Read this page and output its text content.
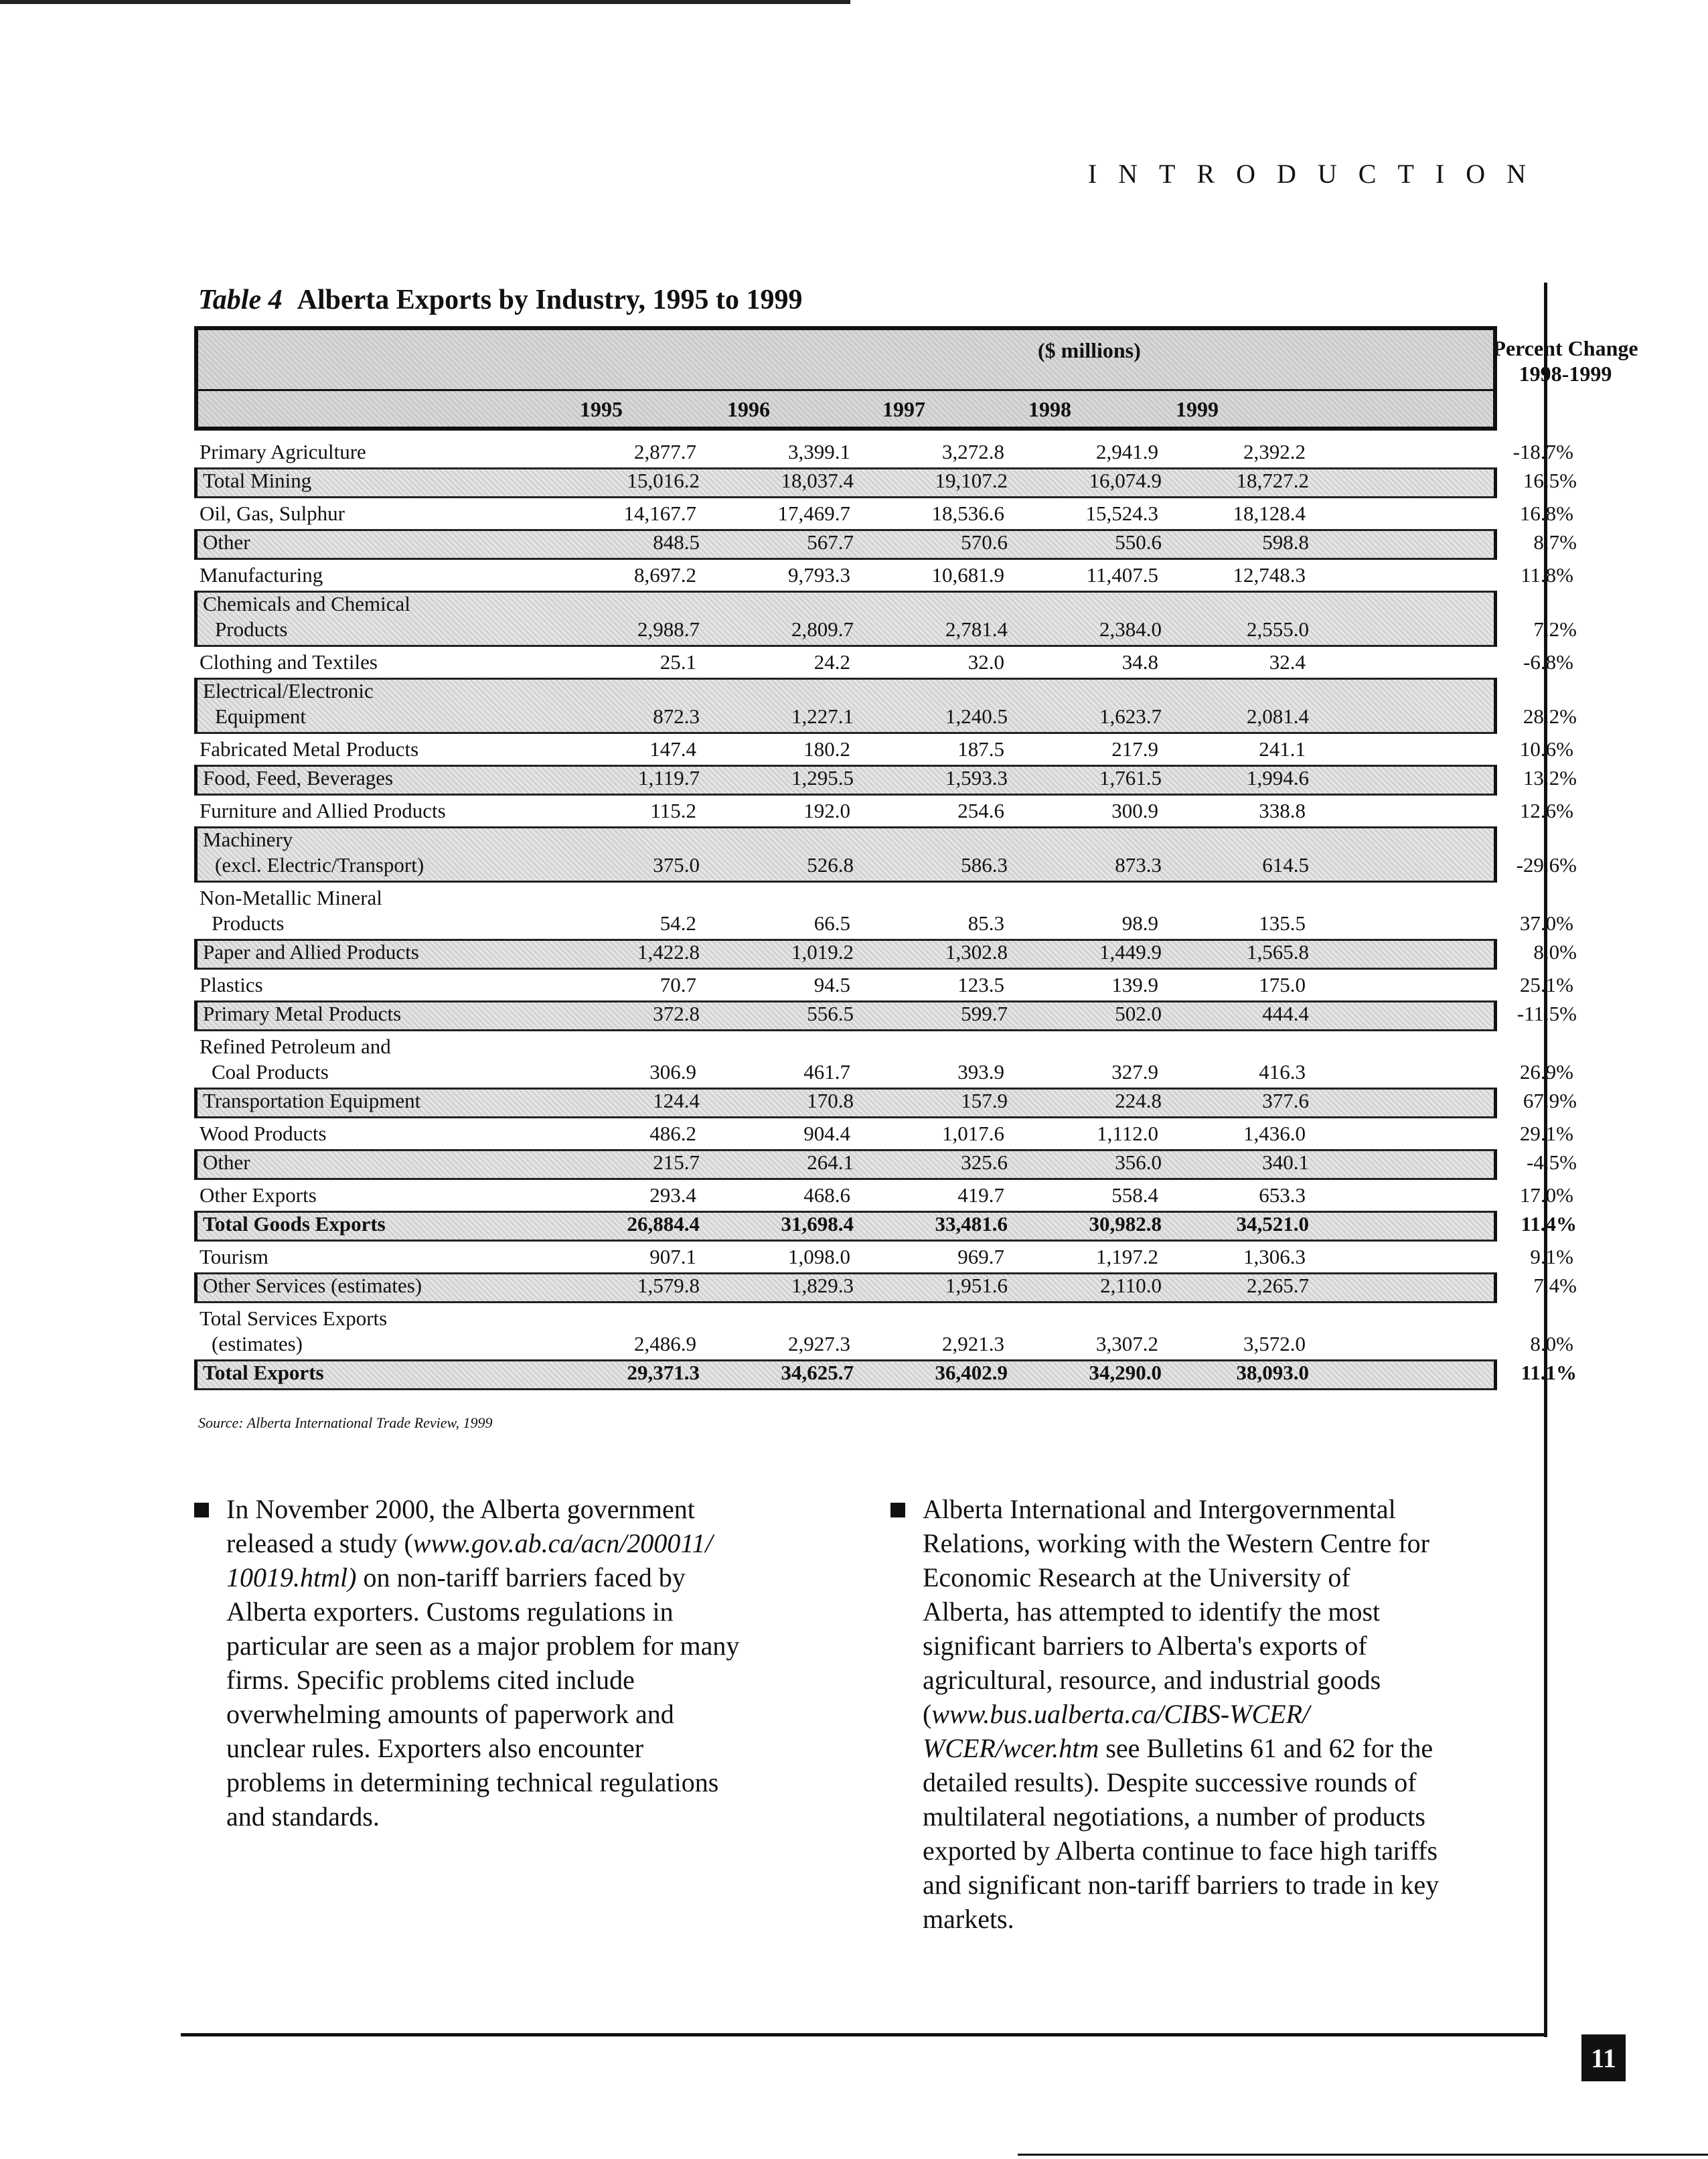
INTRODUCTION
11
Table 4 Alberta Exports by Industry, 1995 to 1999
($ millions)	Percent Change
1998-1999
1995	1996	1997	1998	1999
Primary Agriculture	2,877.7	3,399.1	3,272.8	2,941.9	2,392.2	-18.7%
Total Mining	15,016.2	18,037.4	19,107.2	16,074.9	18,727.2	16.5%
Oil, Gas, Sulphur	14,167.7	17,469.7	18,536.6	15,524.3	18,128.4	16.8%
Other	848.5	567.7	570.6	550.6	598.8	8.7%
Manufacturing	8,697.2	9,793.3	10,681.9	11,407.5	12,748.3	11.8%
Chemicals and Chemical
Products	2,988.7	2,809.7	2,781.4	2,384.0	2,555.0	7.2%
Clothing and Textiles	25.1	24.2	32.0	34.8	32.4	-6.8%
Electrical/Electronic
Equipment	872.3	1,227.1	1,240.5	1,623.7	2,081.4	28.2%
Fabricated Metal Products	147.4	180.2	187.5	217.9	241.1	10.6%
Food, Feed, Beverages	1,119.7	1,295.5	1,593.3	1,761.5	1,994.6	13.2%
Furniture and Allied Products	115.2	192.0	254.6	300.9	338.8	12.6%
Machinery
(excl. Electric/Transport)	375.0	526.8	586.3	873.3	614.5	-29.6%
Non-Metallic Mineral
Products	54.2	66.5	85.3	98.9	135.5	37.0%
Paper and Allied Products	1,422.8	1,019.2	1,302.8	1,449.9	1,565.8	8.0%
Plastics	70.7	94.5	123.5	139.9	175.0	25.1%
Primary Metal Products	372.8	556.5	599.7	502.0	444.4	-11.5%
Refined Petroleum and
Coal Products	306.9	461.7	393.9	327.9	416.3	26.9%
Transportation Equipment	124.4	170.8	157.9	224.8	377.6	67.9%
Wood Products	486.2	904.4	1,017.6	1,112.0	1,436.0	29.1%
Other	215.7	264.1	325.6	356.0	340.1	-4.5%
Other Exports	293.4	468.6	419.7	558.4	653.3	17.0%
Total Goods Exports	26,884.4	31,698.4	33,481.6	30,982.8	34,521.0	11.4%
Tourism	907.1	1,098.0	969.7	1,197.2	1,306.3	9.1%
Other Services (estimates)	1,579.8	1,829.3	1,951.6	2,110.0	2,265.7	7.4%
Total Services Exports
(estimates)	2,486.9	2,927.3	2,921.3	3,307.2	3,572.0	8.0%
Total Exports	29,371.3	34,625.7	36,402.9	34,290.0	38,093.0	11.1%
Source: Alberta International Trade Review, 1999
In November 2000, the Alberta government released a study (www.gov.ab.ca/acn/200011/ 10019.html) on non-tariff barriers faced by Alberta exporters. Customs regulations in particular are seen as a major problem for many firms. Specific problems cited include overwhelming amounts of paperwork and unclear rules. Exporters also encounter problems in determining technical regulations and standards.
Alberta International and Intergovernmental Relations, working with the Western Centre for Economic Research at the University of Alberta, has attempted to identify the most significant barriers to Alberta's exports of agricultural, resource, and industrial goods (www.bus.ualberta.ca/CIBS-WCER/ WCER/wcer.htm see Bulletins 61 and 62 for the detailed results). Despite successive rounds of multilateral negotiations, a number of products exported by Alberta continue to face high tariffs and significant non-tariff barriers to trade in key markets.
